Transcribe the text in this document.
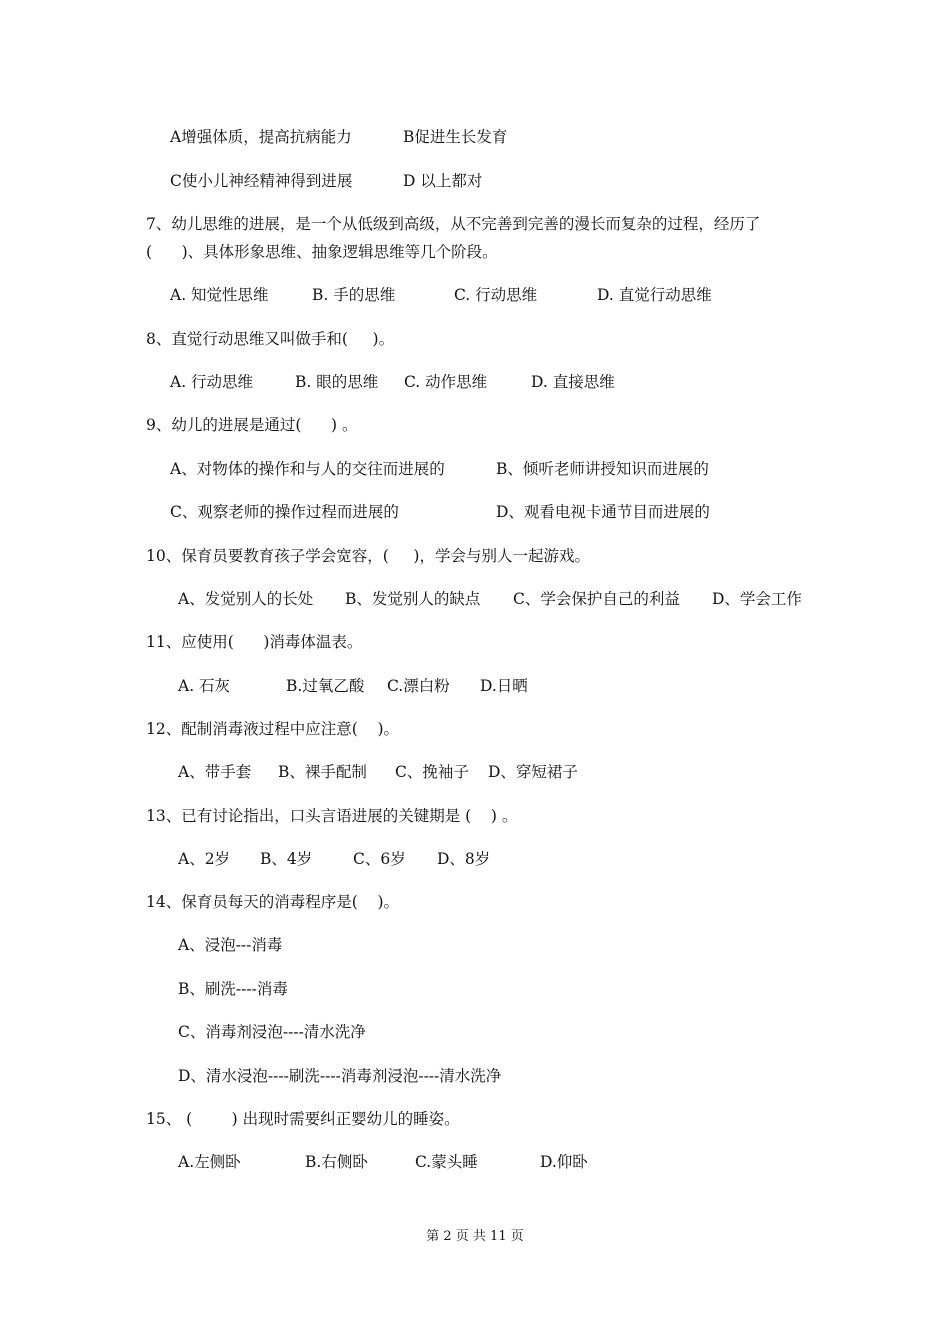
A增强体质，提高抗病能力	B促进生长发育
C使小儿神经精神得到进展	D 以上都对
7、幼儿思维的进展，是一个从低级到高级，从不完善到完善的漫长而复杂的过程，经历了
(      )、具体形象思维、抽象逻辑思维等几个阶段。
A. 知觉性思维	B. 手的思维	C. 行动思维	D. 直觉行动思维
8、直觉行动思维又叫做手和(     )。
A. 行动思维	B. 眼的思维 C. 动作思维	D. 直接思维
9、幼儿的进展是通过(      ) 。
A、对物体的操作和与人的交往而进展的	B、倾听老师讲授知识而进展的
C、观察老师的操作过程而进展的	D、观看电视卡通节目而进展的
10、保育员要教育孩子学会宽容，(     )，学会与别人一起游戏。
A、发觉别人的长处 B、发觉别人的缺点 C、学会保护自己的利益 D、学会工作
11、应使用(      )消毒体温表。
A. 石灰	B.过氧乙酸 C.漂白粉 D.日晒
12、配制消毒液过程中应注意(    )。
A、带手套 B、裸手配制 C、挽袖子 D、穿短裙子
13、已有讨论指出，口头言语进展的关键期是 (    ) 。
A、2岁 B、4岁	C、6岁 D、8岁
14、保育员每天的消毒程序是(    )。
A、浸泡---消毒
B、刷洗----消毒
C、消毒剂浸泡----清水洗净
D、清水浸泡----刷洗----消毒剂浸泡----清水洗净
15、 (        ) 出现时需要纠正婴幼儿的睡姿。
A.左侧卧	B.右侧卧	C.蒙头睡	D.仰卧
第 2 页 共 11 页
